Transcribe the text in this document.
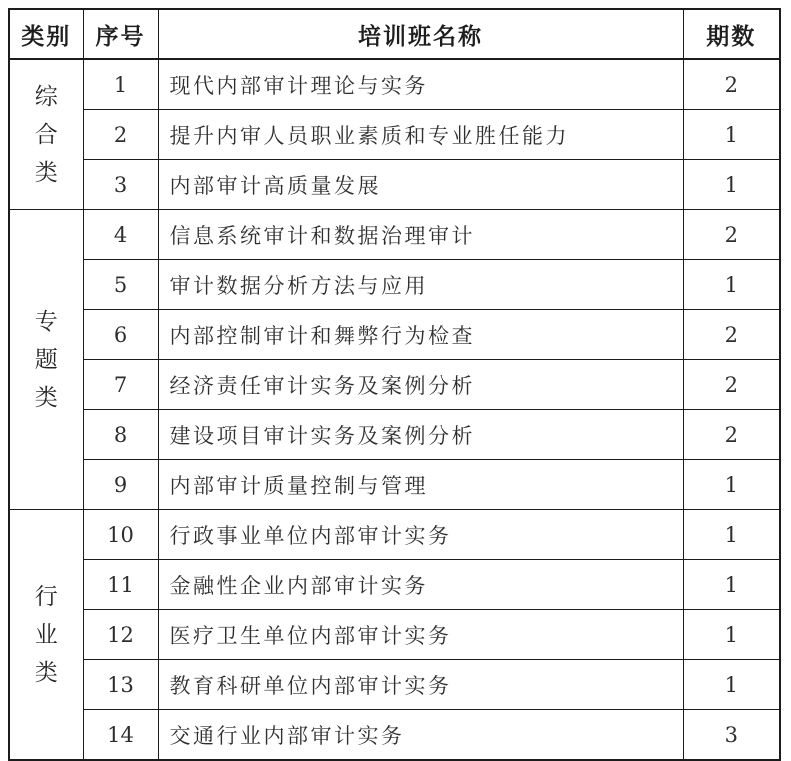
类别	序号	培训班名称	期数

综合类	1	现代内部审计理论与实务	2
	2	提升内审人员职业素质和专业胜任能力	1
	3	内部审计高质量发展	1

专题类	4	信息系统审计和数据治理审计	2
	5	审计数据分析方法与应用	1
	6	内部控制审计和舞弊行为检查	2
	7	经济责任审计实务及案例分析	2
	8	建设项目审计实务及案例分析	2
	9	内部审计质量控制与管理	1

行业类	10	行政事业单位内部审计实务	1
	11	金融性企业内部审计实务	1
	12	医疗卫生单位内部审计实务	1
	13	教育科研单位内部审计实务	1
	14	交通行业内部审计实务	3
